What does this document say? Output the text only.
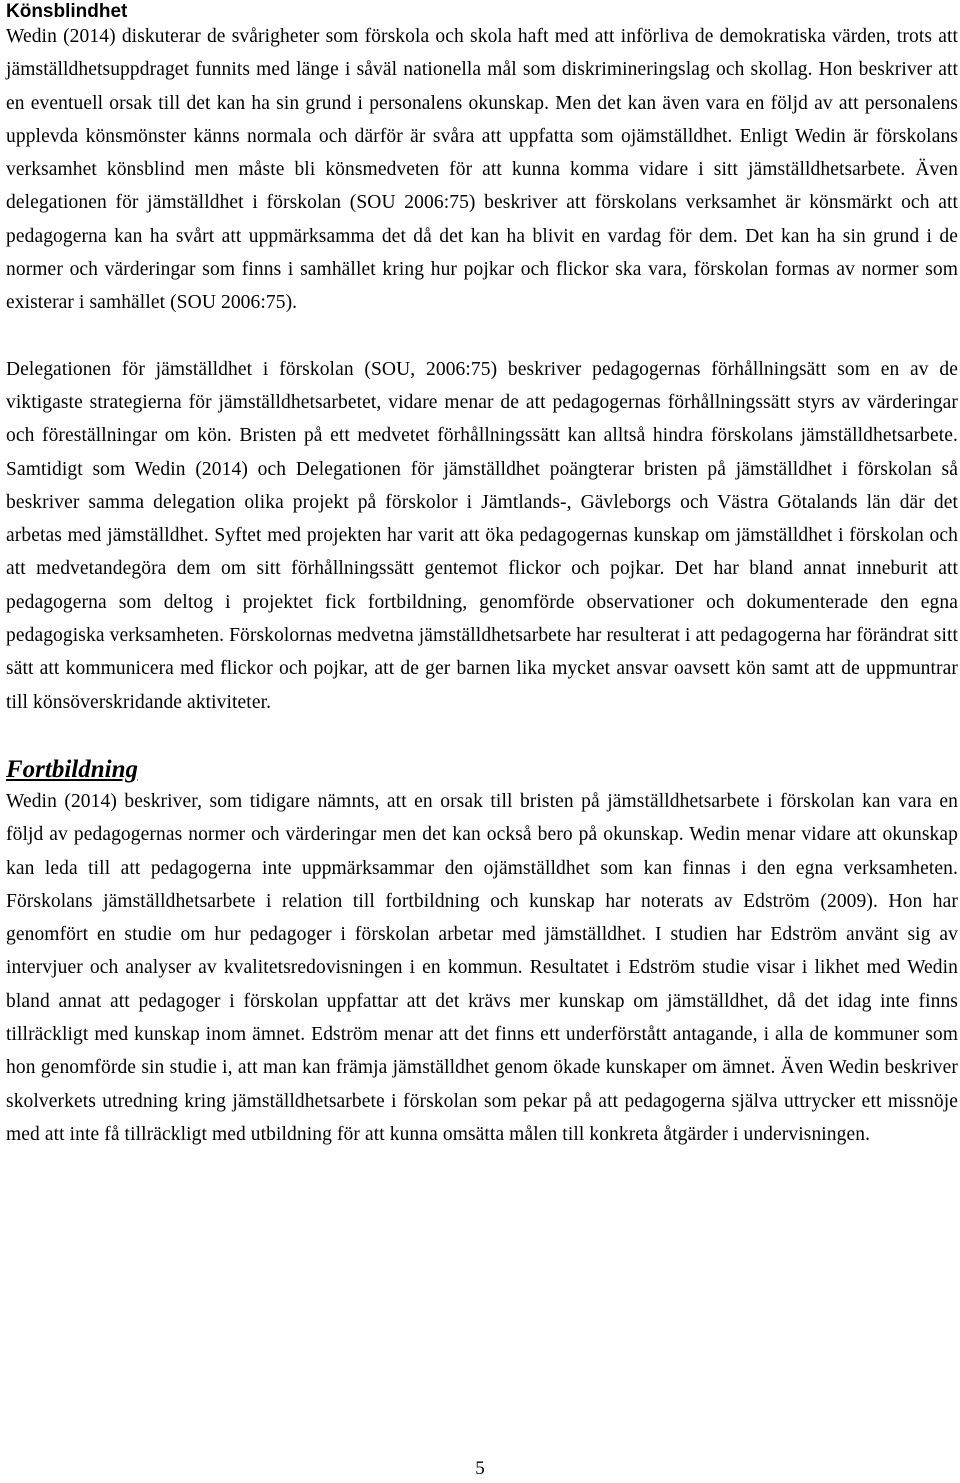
Könsblindhet

Wedin (2014) diskuterar de svårigheter som förskola och skola haft med att införliva de demokratiska värden, trots att jämställdhetsuppdraget funnits med länge i såväl nationella mål som diskrimineringslag och skollag. Hon beskriver att en eventuell orsak till det kan ha sin grund i personalens okunskap. Men det kan även vara en följd av att personalens upplevda könsmönster känns normala och därför är svåra att uppfatta som ojämställdhet. Enligt Wedin är förskolans verksamhet könsblind men måste bli könsmedveten för att kunna komma vidare i sitt jämställdhetsarbete. Även delegationen för jämställdhet i förskolan (SOU 2006:75) beskriver att förskolans verksamhet är könsmärkt och att pedagogerna kan ha svårt att uppmärksamma det då det kan ha blivit en vardag för dem. Det kan ha sin grund i de normer och värderingar som finns i samhället kring hur pojkar och flickor ska vara, förskolan formas av normer som existerar i samhället (SOU 2006:75).

Delegationen för jämställdhet i förskolan (SOU, 2006:75) beskriver pedagogernas förhållningsätt som en av de viktigaste strategierna för jämställdhetsarbetet, vidare menar de att pedagogernas förhållningssätt styrs av värderingar och föreställningar om kön. Bristen på ett medvetet förhållningssätt kan alltså hindra förskolans jämställdhetsarbete. Samtidigt som Wedin (2014) och Delegationen för jämställdhet poängterar bristen på jämställdhet i förskolan så beskriver samma delegation olika projekt på förskolor i Jämtlands-, Gävleborgs och Västra Götalands län där det arbetas med jämställdhet. Syftet med projekten har varit att öka pedagogernas kunskap om jämställdhet i förskolan och att medvetandegöra dem om sitt förhållningssätt gentemot flickor och pojkar. Det har bland annat inneburit att pedagogerna som deltog i projektet fick fortbildning, genomförde observationer och dokumenterade den egna pedagogiska verksamheten. Förskolornas medvetna jämställdhetsarbete har resulterat i att pedagogerna har förändrat sitt sätt att kommunicera med flickor och pojkar, att de ger barnen lika mycket ansvar oavsett kön samt att de uppmuntrar till könsöverskridande aktiviteter.

Fortbildning

Wedin (2014) beskriver, som tidigare nämnts, att en orsak till bristen på jämställdhetsarbete i förskolan kan vara en följd av pedagogernas normer och värderingar men det kan också bero på okunskap. Wedin menar vidare att okunskap kan leda till att pedagogerna inte uppmärksammar den ojämställdhet som kan finnas i den egna verksamheten. Förskolans jämställdhetsarbete i relation till fortbildning och kunskap har noterats av Edström (2009). Hon har genomfört en studie om hur pedagoger i förskolan arbetar med jämställdhet. I studien har Edström använt sig av intervjuer och analyser av kvalitetsredovisningen i en kommun. Resultatet i Edström studie visar i likhet med Wedin bland annat att pedagoger i förskolan uppfattar att det krävs mer kunskap om jämställdhet, då det idag inte finns tillräckligt med kunskap inom ämnet. Edström menar att det finns ett underförstått antagande, i alla de kommuner som hon genomförde sin studie i, att man kan främja jämställdhet genom ökade kunskaper om ämnet. Även Wedin beskriver skolverkets utredning kring jämställdhetsarbete i förskolan som pekar på att pedagogerna själva uttrycker ett missnöje med att inte få tillräckligt med utbildning för att kunna omsätta målen till konkreta åtgärder i undervisningen.

5
